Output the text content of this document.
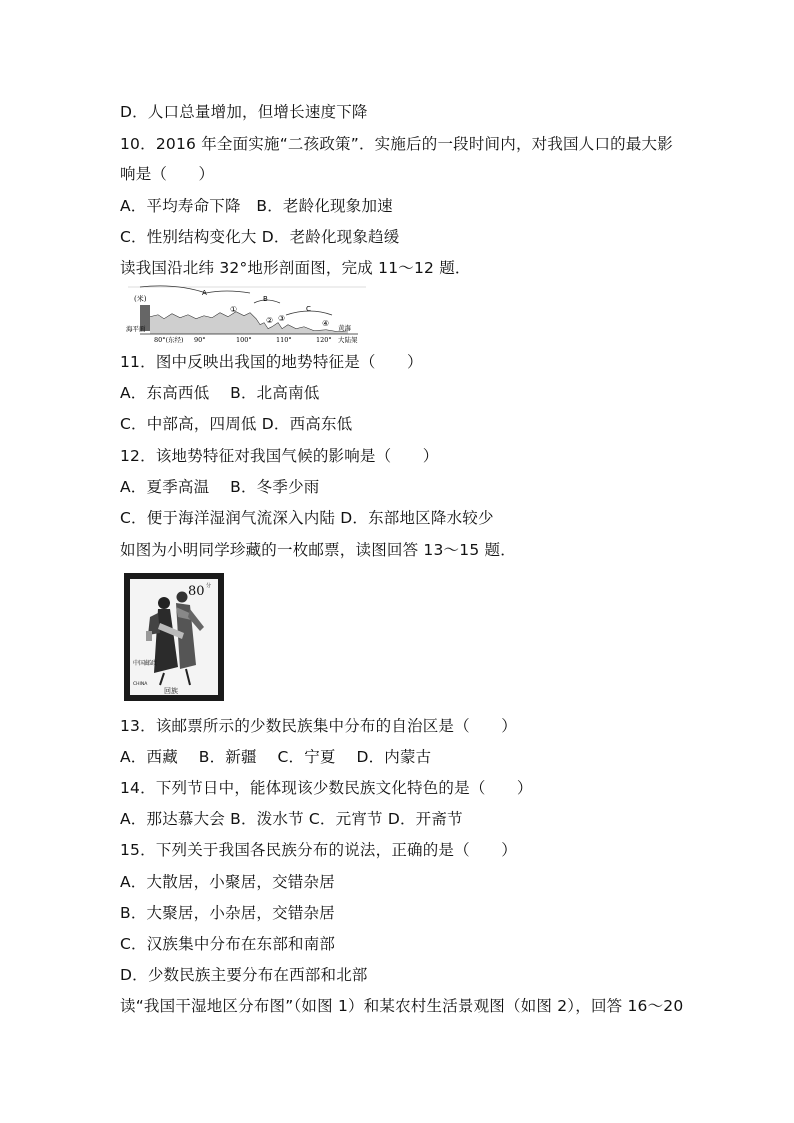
D．人口总量增加，但增长速度下降
10．2016 年全面实施“二孩政策”．实施后的一段时间内，对我国人口的最大影
响是（　　）
A．平均寿命下降　B．老龄化现象加速
C．性别结构变化大 D．老龄化现象趋缓
读我国沿北纬 32°地形剖面图，完成 11～12 题．
(米)
海平面
A
B
C
①
② ③
④
80°(东经) 90°	100°	110°	120°
黄海
大陆架
11．图中反映出我国的地势特征是（　　）
A．东高西低　 B．北高南低
C．中部高，四周低 D．西高东低
12．该地势特征对我国气候的影响是（　　）
A．夏季高温　 B．冬季少雨
C．便于海洋湿润气流深入内陆 D．东部地区降水较少
如图为小明同学珍藏的一枚邮票，读图回答 13～15 题．
80 分
中国邮政
CHINA
回族
13．该邮票所示的少数民族集中分布的自治区是（　　）
A．西藏　 B．新疆　 C．宁夏　 D．内蒙古
14．下列节日中，能体现该少数民族文化特色的是（　　）
A．那达慕大会 B．泼水节 C．元宵节 D．开斋节
15．下列关于我国各民族分布的说法，正确的是（　　）
A．大散居，小聚居，交错杂居
B．大聚居，小杂居，交错杂居
C．汉族集中分布在东部和南部
D．少数民族主要分布在西部和北部
读“我国干湿地区分布图”（如图 1）和某农村生活景观图（如图 2），回答 16～20
